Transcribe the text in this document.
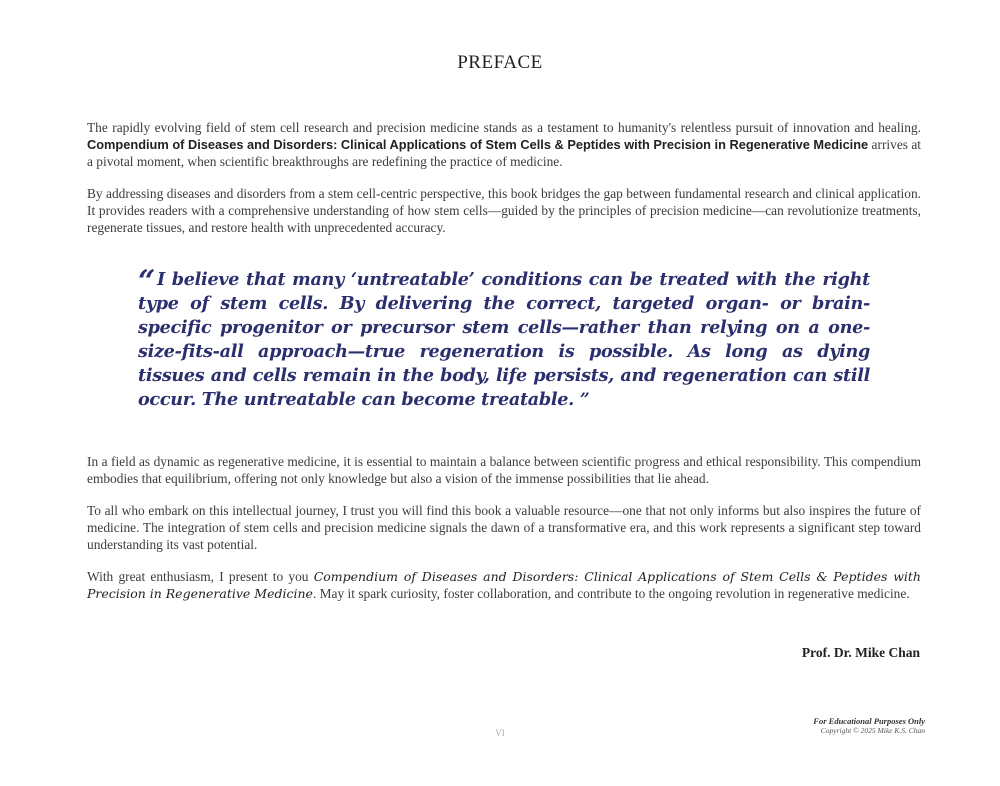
PREFACE

The rapidly evolving field of stem cell research and precision medicine stands as a testament to humanity's relentless pursuit of innovation and healing. Compendium of Diseases and Disorders: Clinical Applications of Stem Cells & Peptides with Precision in Regenerative Medicine arrives at a pivotal moment, when scientific breakthroughs are redefining the practice of medicine.

By addressing diseases and disorders from a stem cell-centric perspective, this book bridges the gap between fundamental research and clinical application. It provides readers with a comprehensive understanding of how stem cells—guided by the principles of precision medicine—can revolutionize treatments, regenerate tissues, and restore health with unprecedented accuracy.

“ I believe that many ‘untreatable’ conditions can be treated with the right type of stem cells. By delivering the correct, targeted organ- or brain-specific progenitor or precursor stem cells—rather than relying on a one-size-fits-all approach—true regeneration is possible. As long as dying tissues and cells remain in the body, life persists, and regeneration can still occur. The untreatable can become treatable. ”

In a field as dynamic as regenerative medicine, it is essential to maintain a balance between scientific progress and ethical responsibility. This compendium embodies that equilibrium, offering not only knowledge but also a vision of the immense possibilities that lie ahead.

To all who embark on this intellectual journey, I trust you will find this book a valuable resource—one that not only informs but also inspires the future of medicine. The integration of stem cells and precision medicine signals the dawn of a transformative era, and this work represents a significant step toward understanding its vast potential.

With great enthusiasm, I present to you Compendium of Diseases and Disorders: Clinical Applications of Stem Cells & Peptides with Precision in Regenerative Medicine. May it spark curiosity, foster collaboration, and contribute to the ongoing revolution in regenerative medicine.

Prof. Dr. Mike Chan
VI
For Educational Purposes Only
Copyright © 2025 Mike K.S. Chan
